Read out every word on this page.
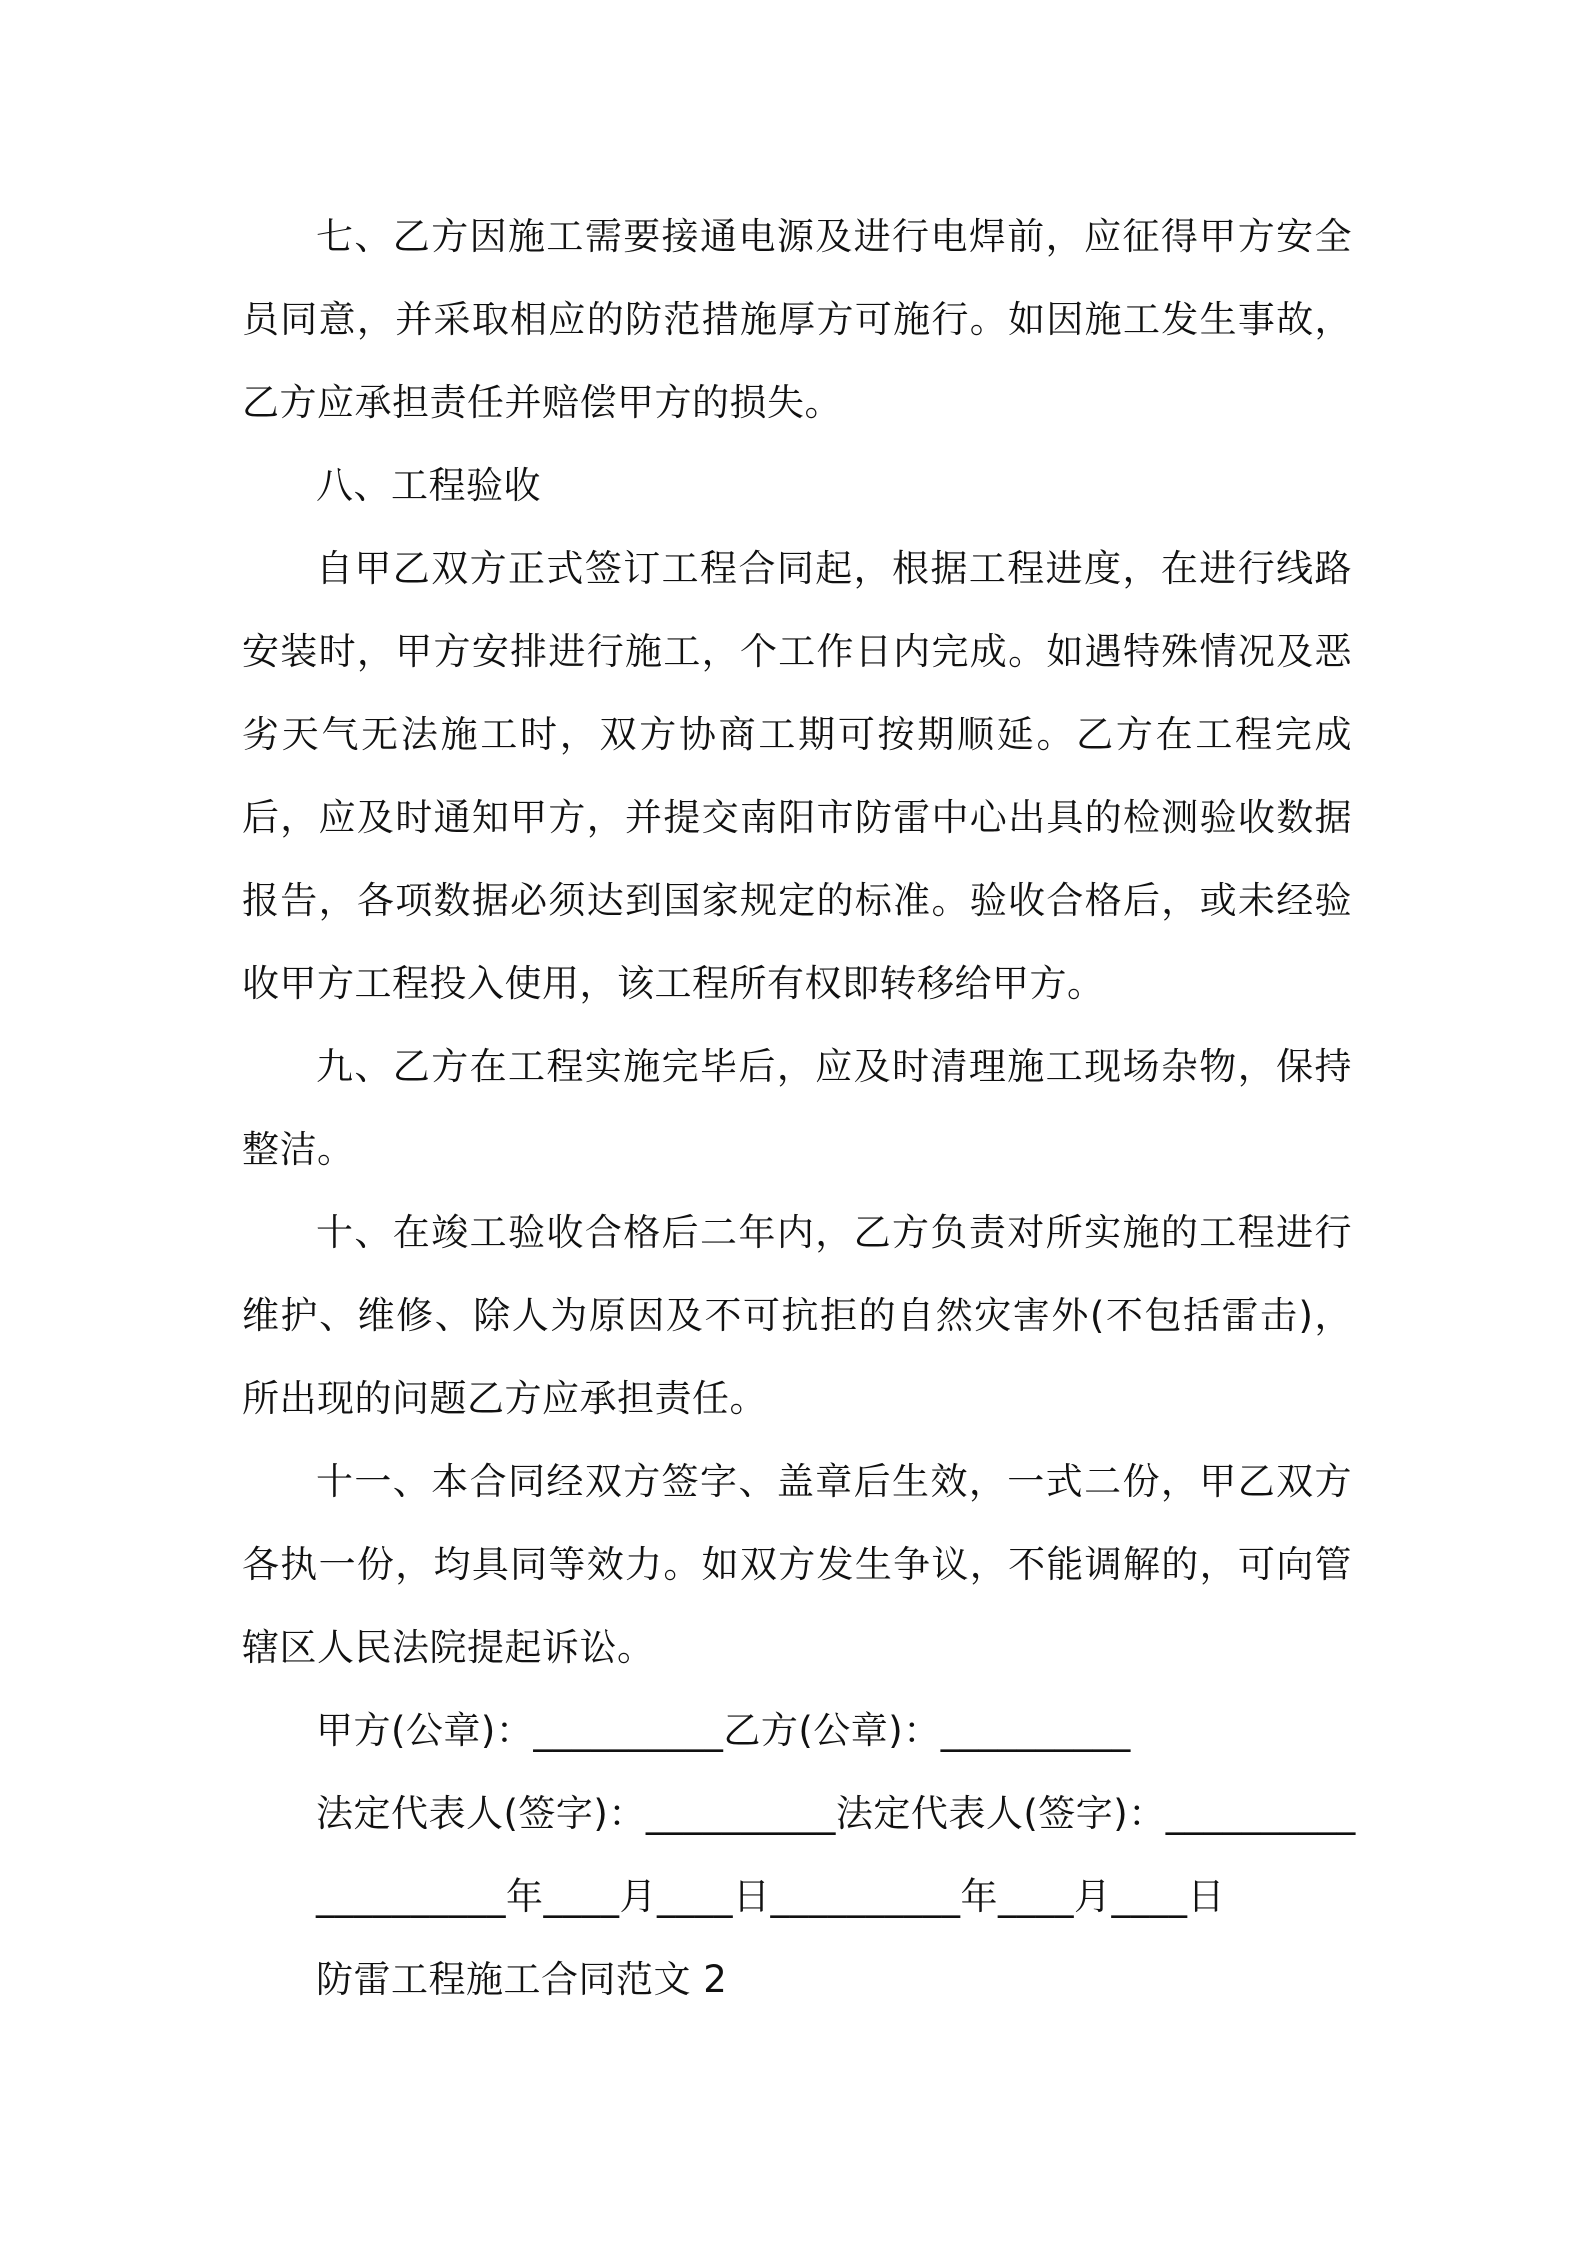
七、乙方因施工需要接通电源及进行电焊前，应征得甲方安全员同意，并采取相应的防范措施厚方可施行。如因施工发生事故，乙方应承担责任并赔偿甲方的损失。

八、工程验收

自甲乙双方正式签订工程合同起，根据工程进度，在进行线路安装时，甲方安排进行施工，个工作日内完成。如遇特殊情况及恶劣天气无法施工时，双方协商工期可按期顺延。乙方在工程完成后，应及时通知甲方，并提交南阳市防雷中心出具的检测验收数据报告，各项数据必须达到国家规定的标准。验收合格后，或未经验收甲方工程投入使用，该工程所有权即转移给甲方。

九、乙方在工程实施完毕后，应及时清理施工现场杂物，保持整洁。

十、在竣工验收合格后二年内，乙方负责对所实施的工程进行维护、维修、除人为原因及不可抗拒的自然灾害外(不包括雷击)，所出现的问题乙方应承担责任。

十一、本合同经双方签字、盖章后生效，一式二份，甲乙双方各执一份，均具同等效力。如双方发生争议，不能调解的，可向管辖区人民法院提起诉讼。

甲方(公章)：__________乙方(公章)：__________

法定代表人(签字)：__________法定代表人(签字)：__________

__________年____月____日__________年____月____日

防雷工程施工合同范文 2
